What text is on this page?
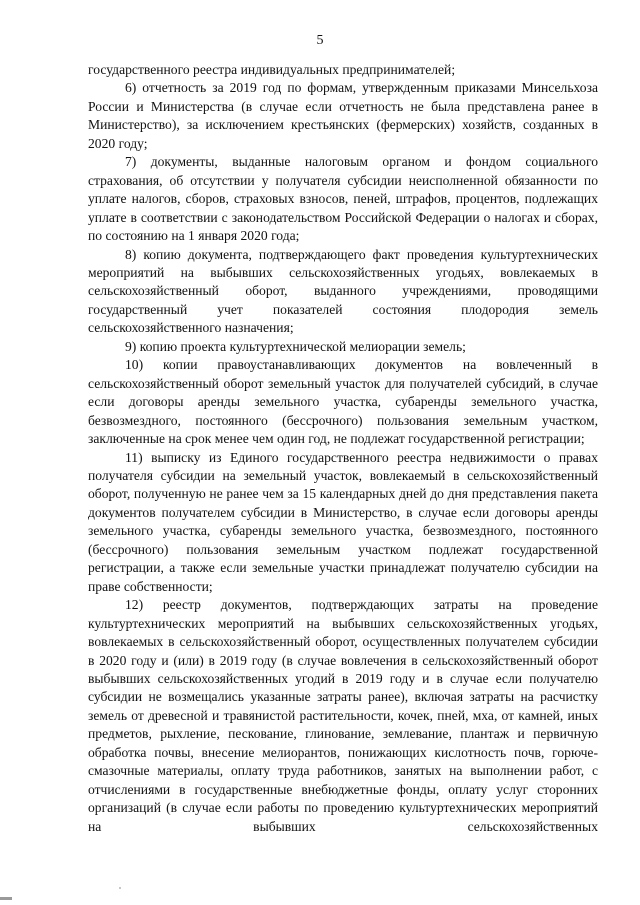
5

государственного реестра индивидуальных предпринимателей;

6) отчетность за 2019 год по формам, утвержденным приказами Минсельхоза России и Министерства (в случае если отчетность не была представлена ранее в Министерство), за исключением крестьянских (фермерских) хозяйств, созданных в 2020 году;

7) документы, выданные налоговым органом и фондом социального страхования, об отсутствии у получателя субсидии неисполненной обязанности по уплате налогов, сборов, страховых взносов, пеней, штрафов, процентов, подлежащих уплате в соответствии с законодательством Российской Федерации о налогах и сборах, по состоянию на 1 января 2020 года;

8) копию документа, подтверждающего факт проведения культуртехнических мероприятий на выбывших сельскохозяйственных угодьях, вовлекаемых в сельскохозяйственный оборот, выданного учреждениями, проводящими государственный учет показателей состояния плодородия земель сельскохозяйственного назначения;

9) копию проекта культуртехнической мелиорации земель;

10) копии правоустанавливающих документов на вовлеченный в сельскохозяйственный оборот земельный участок для получателей субсидий, в случае если договоры аренды земельного участка, субаренды земельного участка, безвозмездного, постоянного (бессрочного) пользования земельным участком, заключенные на срок менее чем один год, не подлежат государственной регистрации;

11) выписку из Единого государственного реестра недвижимости о правах получателя субсидии на земельный участок, вовлекаемый в сельскохозяйственный оборот, полученную не ранее чем за 15 календарных дней до дня представления пакета документов получателем субсидии в Министерство, в случае если договоры аренды земельного участка, субаренды земельного участка, безвозмездного, постоянного (бессрочного) пользования земельным участком подлежат государственной регистрации, а также если земельные участки принадлежат получателю субсидии на праве собственности;

12) реестр документов, подтверждающих затраты на проведение культуртехнических мероприятий на выбывших сельскохозяйственных угодьях, вовлекаемых в сельскохозяйственный оборот, осуществленных получателем субсидии в 2020 году и (или) в 2019 году (в случае вовлечения в сельскохозяйственный оборот выбывших сельскохозяйственных угодий в 2019 году и в случае если получателю субсидии не возмещались указанные затраты ранее), включая затраты на расчистку земель от древесной и травянистой растительности, кочек, пней, мха, от камней, иных предметов, рыхление, пескование, глинование, землевание, плантаж и первичную обработка почвы, внесение мелиорантов, понижающих кислотность почв, горюче-смазочные материалы, оплату труда работников, занятых на выполнении работ, с отчислениями в государственные внебюджетные фонды, оплату услуг сторонних организаций (в случае если работы по проведению культуртехнических мероприятий на выбывших сельскохозяйственных
